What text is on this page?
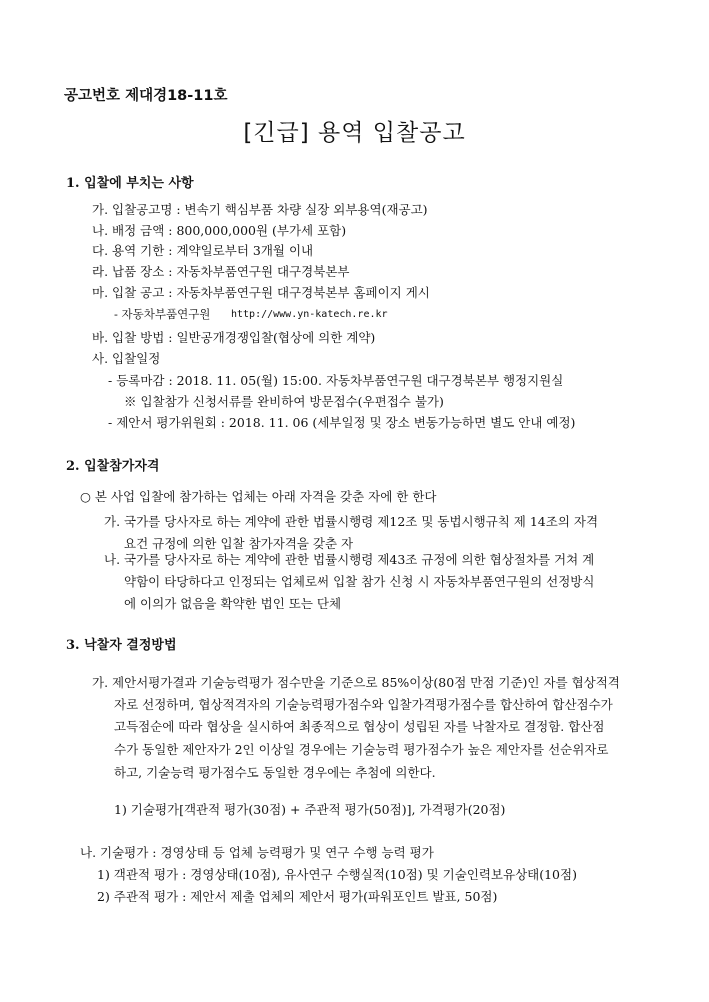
공고번호 제대경18-11호
[긴급] 용역 입찰공고
1. 입찰에 부치는 사항
가. 입찰공고명 : 변속기 핵심부품 차량 실장 외부용역(재공고)
나. 배정 금액 : 800,000,000원 (부가세 포함)
다. 용역 기한 : 계약일로부터 3개월 이내
라. 납품 장소 : 자동차부품연구원 대구경북본부
마. 입찰 공고 : 자동차부품연구원 대구경북본부 홈페이지 게시
- 자동차부품연구원 http://www.yn-katech.re.kr
바. 입찰 방법 : 일반공개경쟁입찰(협상에 의한 계약)
사. 입찰일정
- 등록마감 : 2018. 11. 05(월) 15:00. 자동차부품연구원 대구경북본부 행정지원실
※ 입찰참가 신청서류를 완비하여 방문접수(우편접수 불가)
- 제안서 평가위원회 : 2018. 11. 06 (세부일정 및 장소 변동가능하면 별도 안내 예정)
2. 입찰참가자격
○ 본 사업 입찰에 참가하는 업체는 아래 자격을 갖춘 자에 한 한다
가. 국가를 당사자로 하는 계약에 관한 법률시행령 제12조 및 동법시행규칙 제 14조의 자격
요건 규정에 의한 입찰 참가자격을 갖춘 자
나. 국가를 당사자로 하는 계약에 관한 법률시행령 제43조 규정에 의한 협상절차를 거쳐 계
약함이 타당하다고 인정되는 업체로써 입찰 참가 신청 시 자동차부품연구원의 선정방식
에 이의가 없음을 확약한 법인 또는 단체
3. 낙찰자 결정방법
가. 제안서평가결과 기술능력평가 점수만을 기준으로 85%이상(80점 만점 기준)인 자를 협상적격
자로 선정하며, 협상적격자의 기술능력평가점수와 입찰가격평가점수를 합산하여 합산점수가
고득점순에 따라 협상을 실시하여 최종적으로 협상이 성립된 자를 낙찰자로 결정함. 합산점
수가 동일한 제안자가 2인 이상일 경우에는 기술능력 평가점수가 높은 제안자를 선순위자로
하고, 기술능력 평가점수도 동일한 경우에는 추첨에 의한다.
1) 기술평가[객관적 평가(30점) + 주관적 평가(50점)], 가격평가(20점)
나. 기술평가 : 경영상태 등 업체 능력평가 및 연구 수행 능력 평가
1) 객관적 평가 : 경영상태(10점), 유사연구 수행실적(10점) 및 기술인력보유상태(10점)
2) 주관적 평가 : 제안서 제출 업체의 제안서 평가(파워포인트 발표, 50점)
